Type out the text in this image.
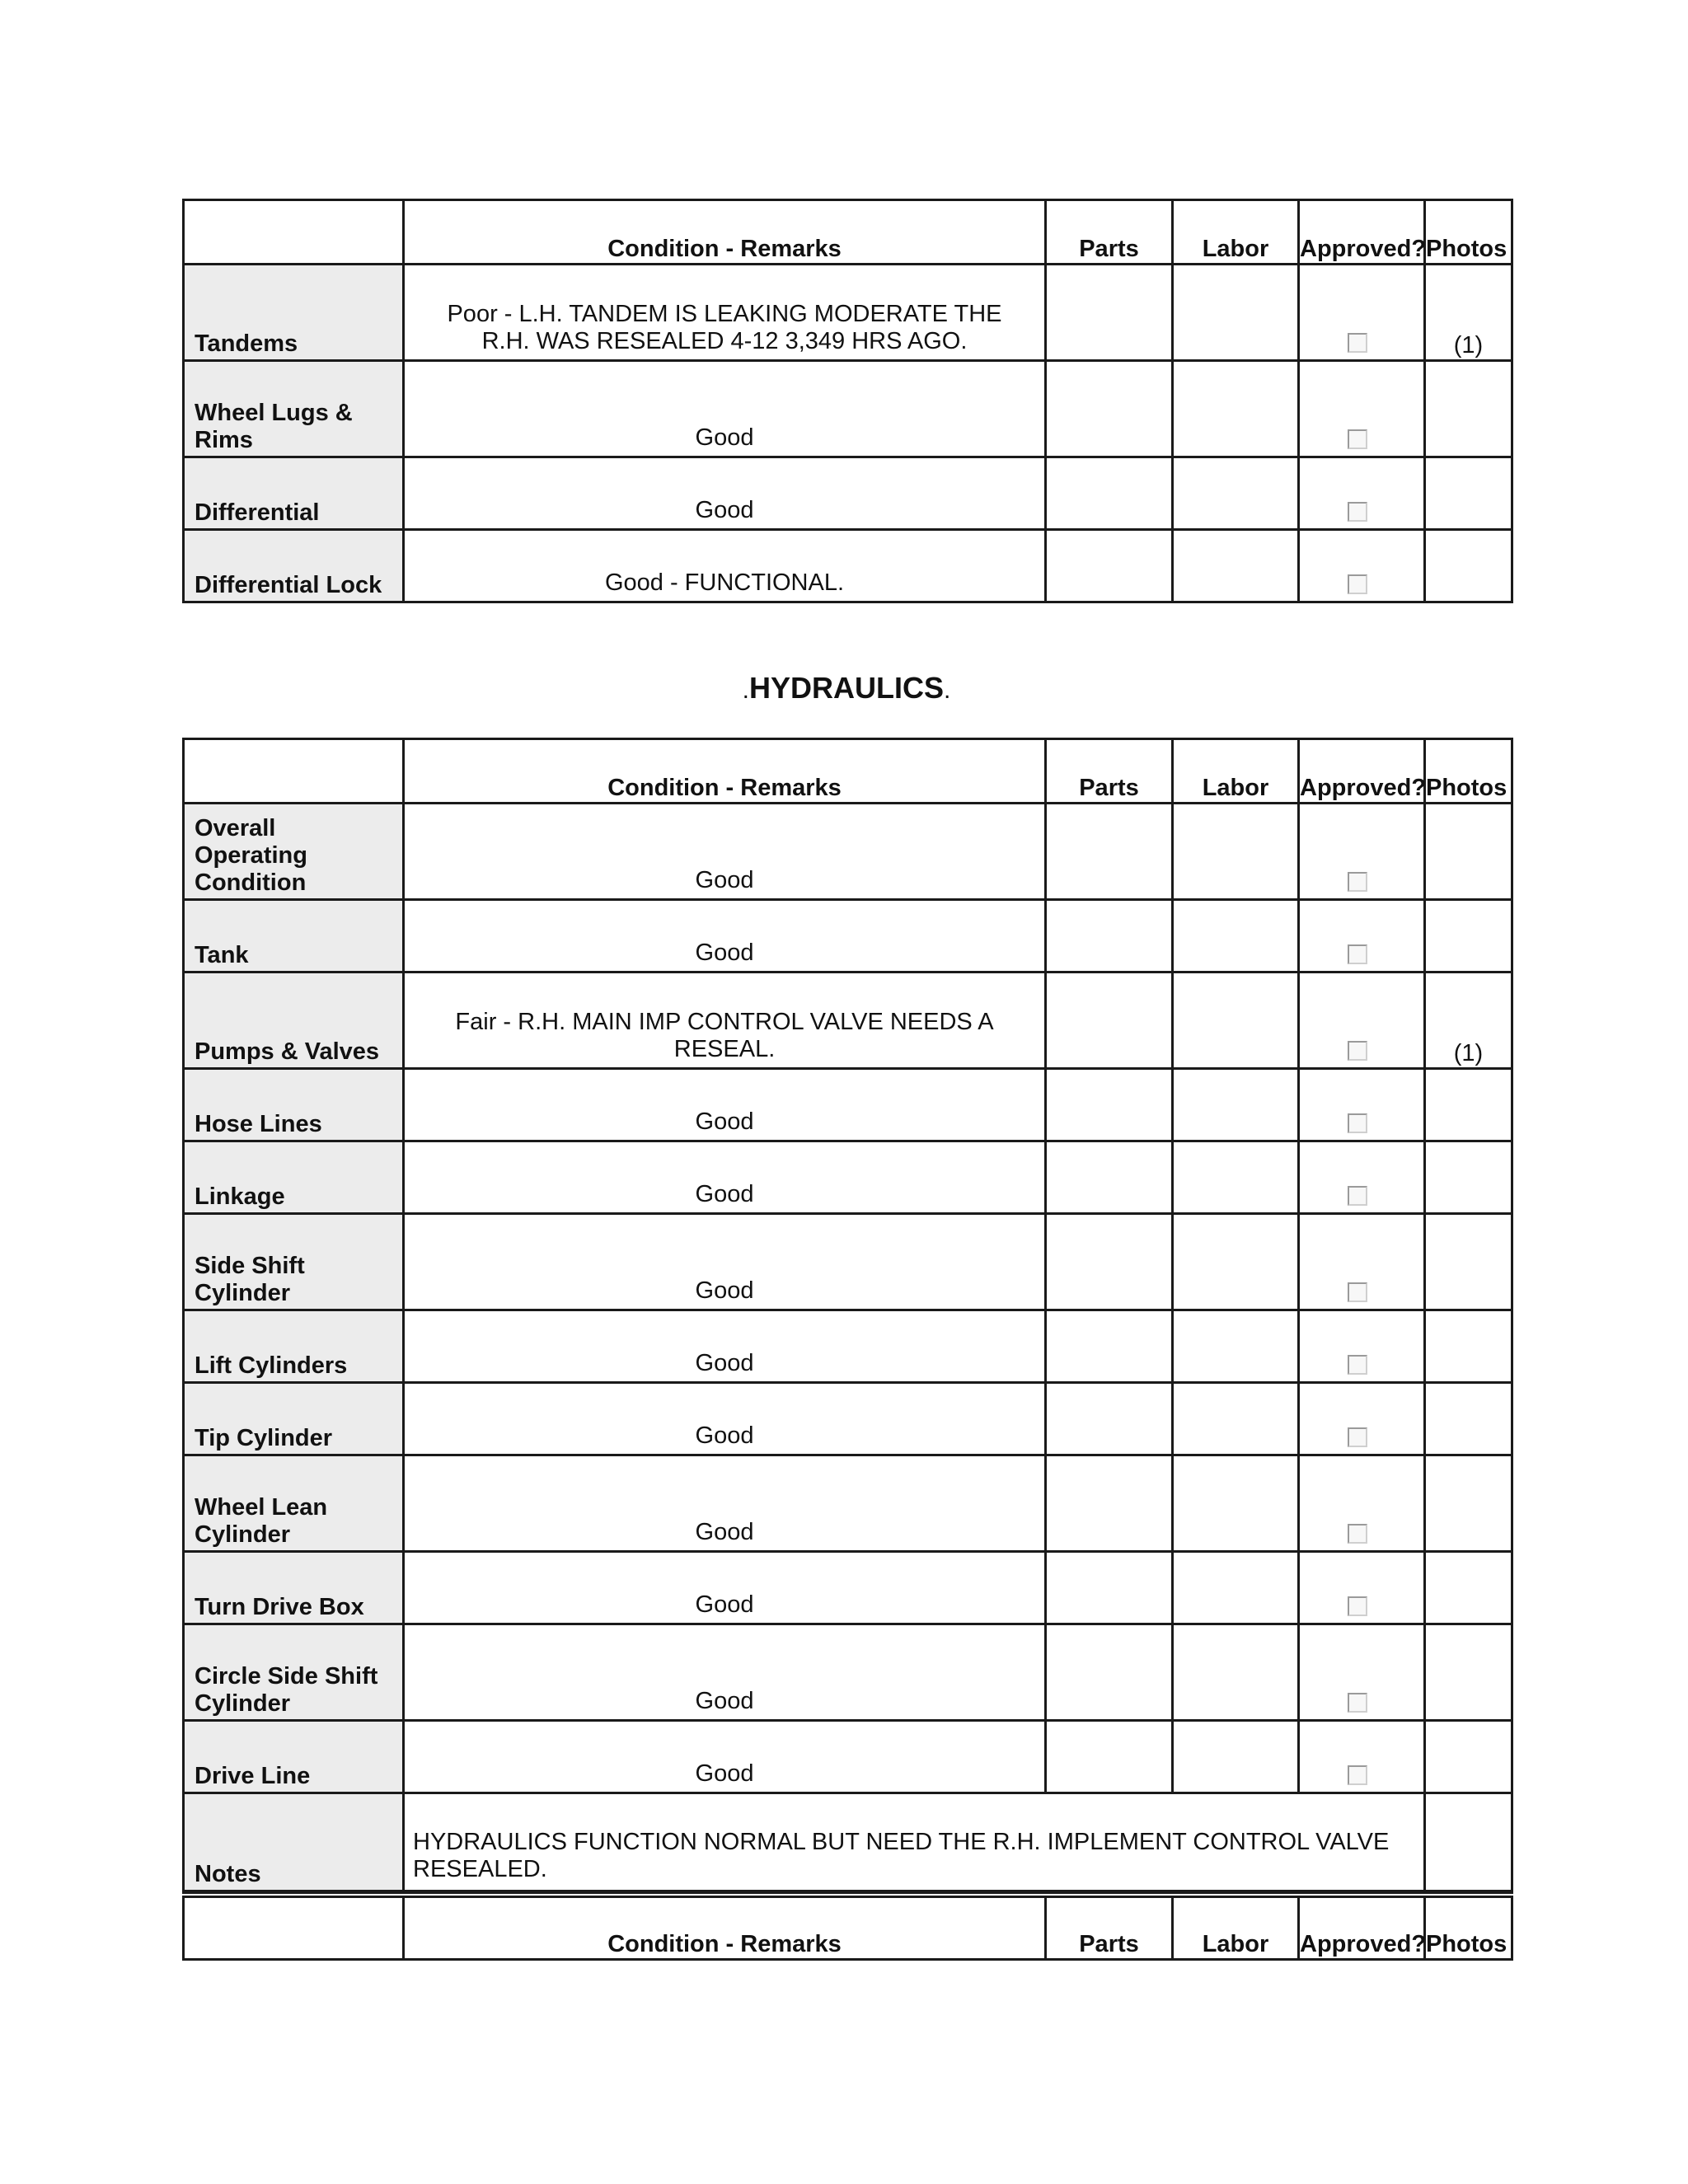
	Condition - Remarks	Parts	Labor	Approved?	Photos
Tandems	Poor - L.H. TANDEM IS LEAKING MODERATE THE R.H. WAS RESEALED 4-12 3,349 HRS AGO.				(1)
Wheel Lugs & Rims	Good				
Differential	Good				
Differential Lock	Good - FUNCTIONAL.				
.HYDRAULICS.
	Condition - Remarks	Parts	Labor	Approved?	Photos
Overall Operating Condition	Good				
Tank	Good				
Pumps & Valves	Fair - R.H. MAIN IMP CONTROL VALVE NEEDS A RESEAL.				(1)
Hose Lines	Good				
Linkage	Good				
Side Shift Cylinder	Good				
Lift Cylinders	Good				
Tip Cylinder	Good				
Wheel Lean Cylinder	Good				
Turn Drive Box	Good				
Circle Side Shift Cylinder	Good				
Drive Line	Good				
Notes	HYDRAULICS FUNCTION NORMAL BUT NEED THE R.H. IMPLEMENT CONTROL VALVE RESEALED.				
	Condition - Remarks	Parts	Labor	Approved?	Photos
